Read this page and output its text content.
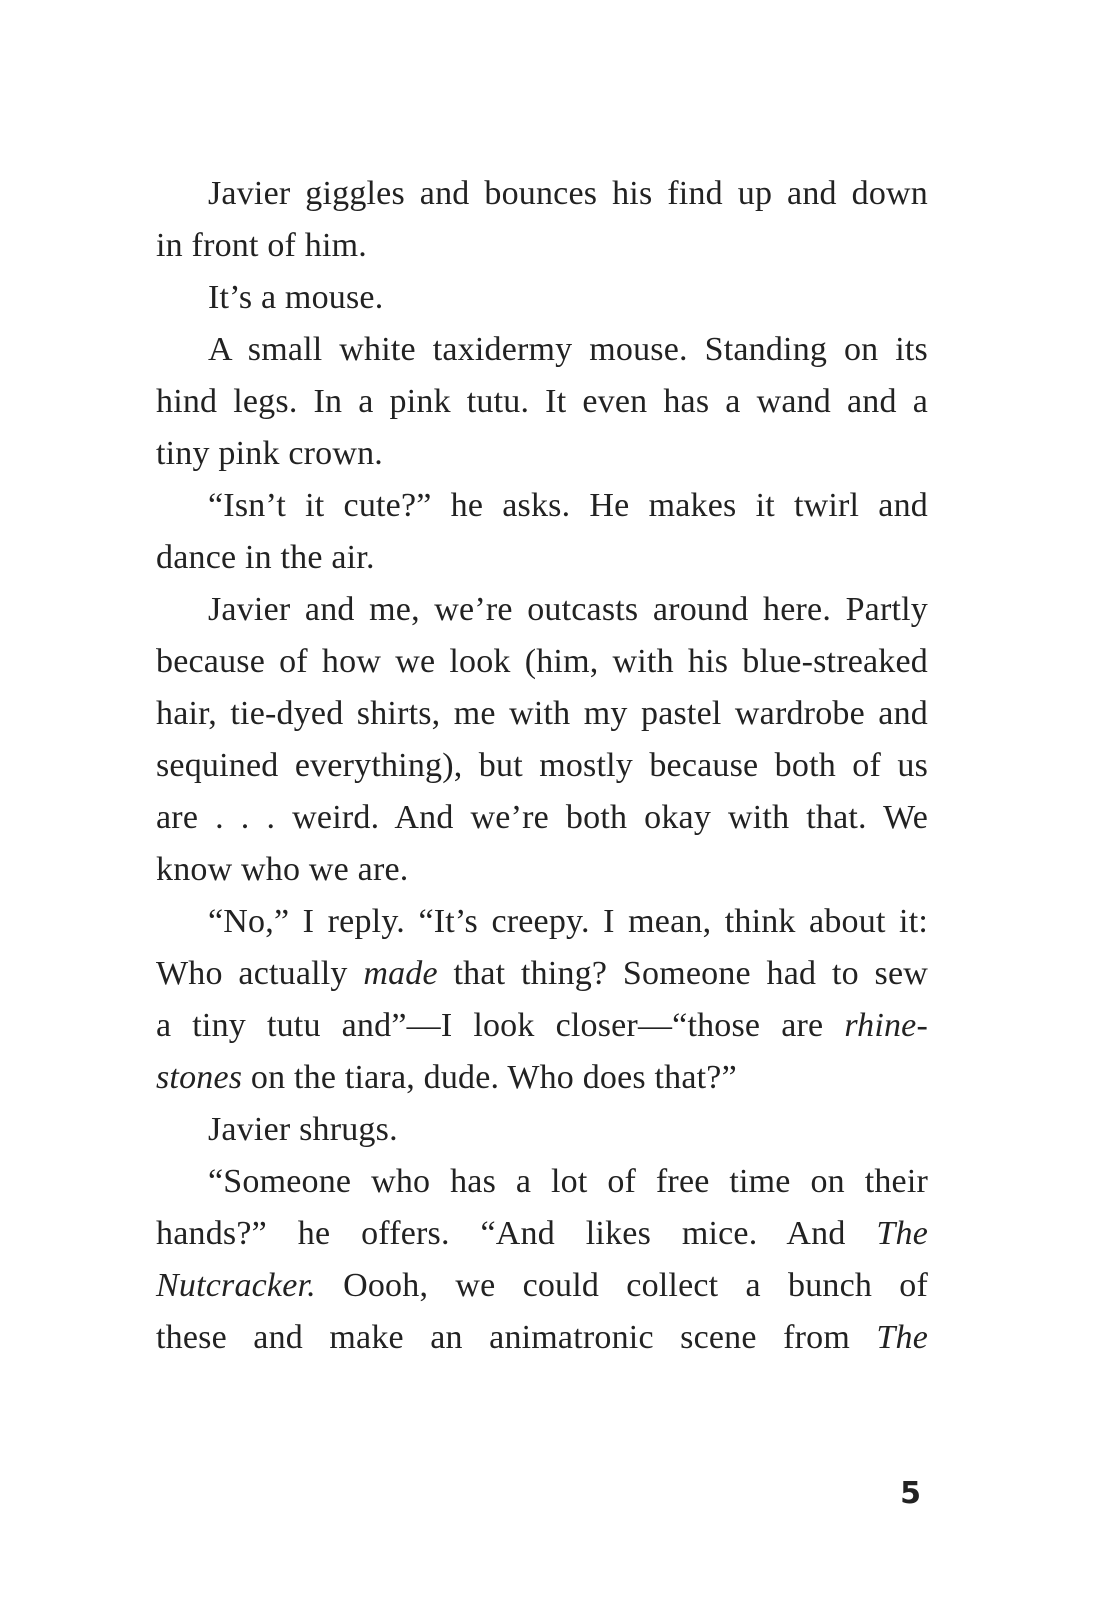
Javier giggles and bounces his find up and down
in front of him.
It’s a mouse.
A small white taxidermy mouse. Standing on its
hind legs. In a pink tutu. It even has a wand and a
tiny pink crown.
“Isn’t it cute?” he asks. He makes it twirl and
dance in the air.
Javier and me, we’re outcasts around here. Partly
because of how we look (him, with his blue-streaked
hair, tie-dyed shirts, me with my pastel wardrobe and
sequined everything), but mostly because both of us
are . . . weird. And we’re both okay with that. We
know who we are.
“No,” I reply. “It’s creepy. I mean, think about it:
Who actually made that thing? Someone had to sew
a tiny tutu and”—I look closer—“those are rhine-
stones on the tiara, dude. Who does that?”
Javier shrugs.
“Someone who has a lot of free time on their
hands?” he offers. “And likes mice. And The
Nutcracker. Oooh, we could collect a bunch of
these and make an animatronic scene from The
5
